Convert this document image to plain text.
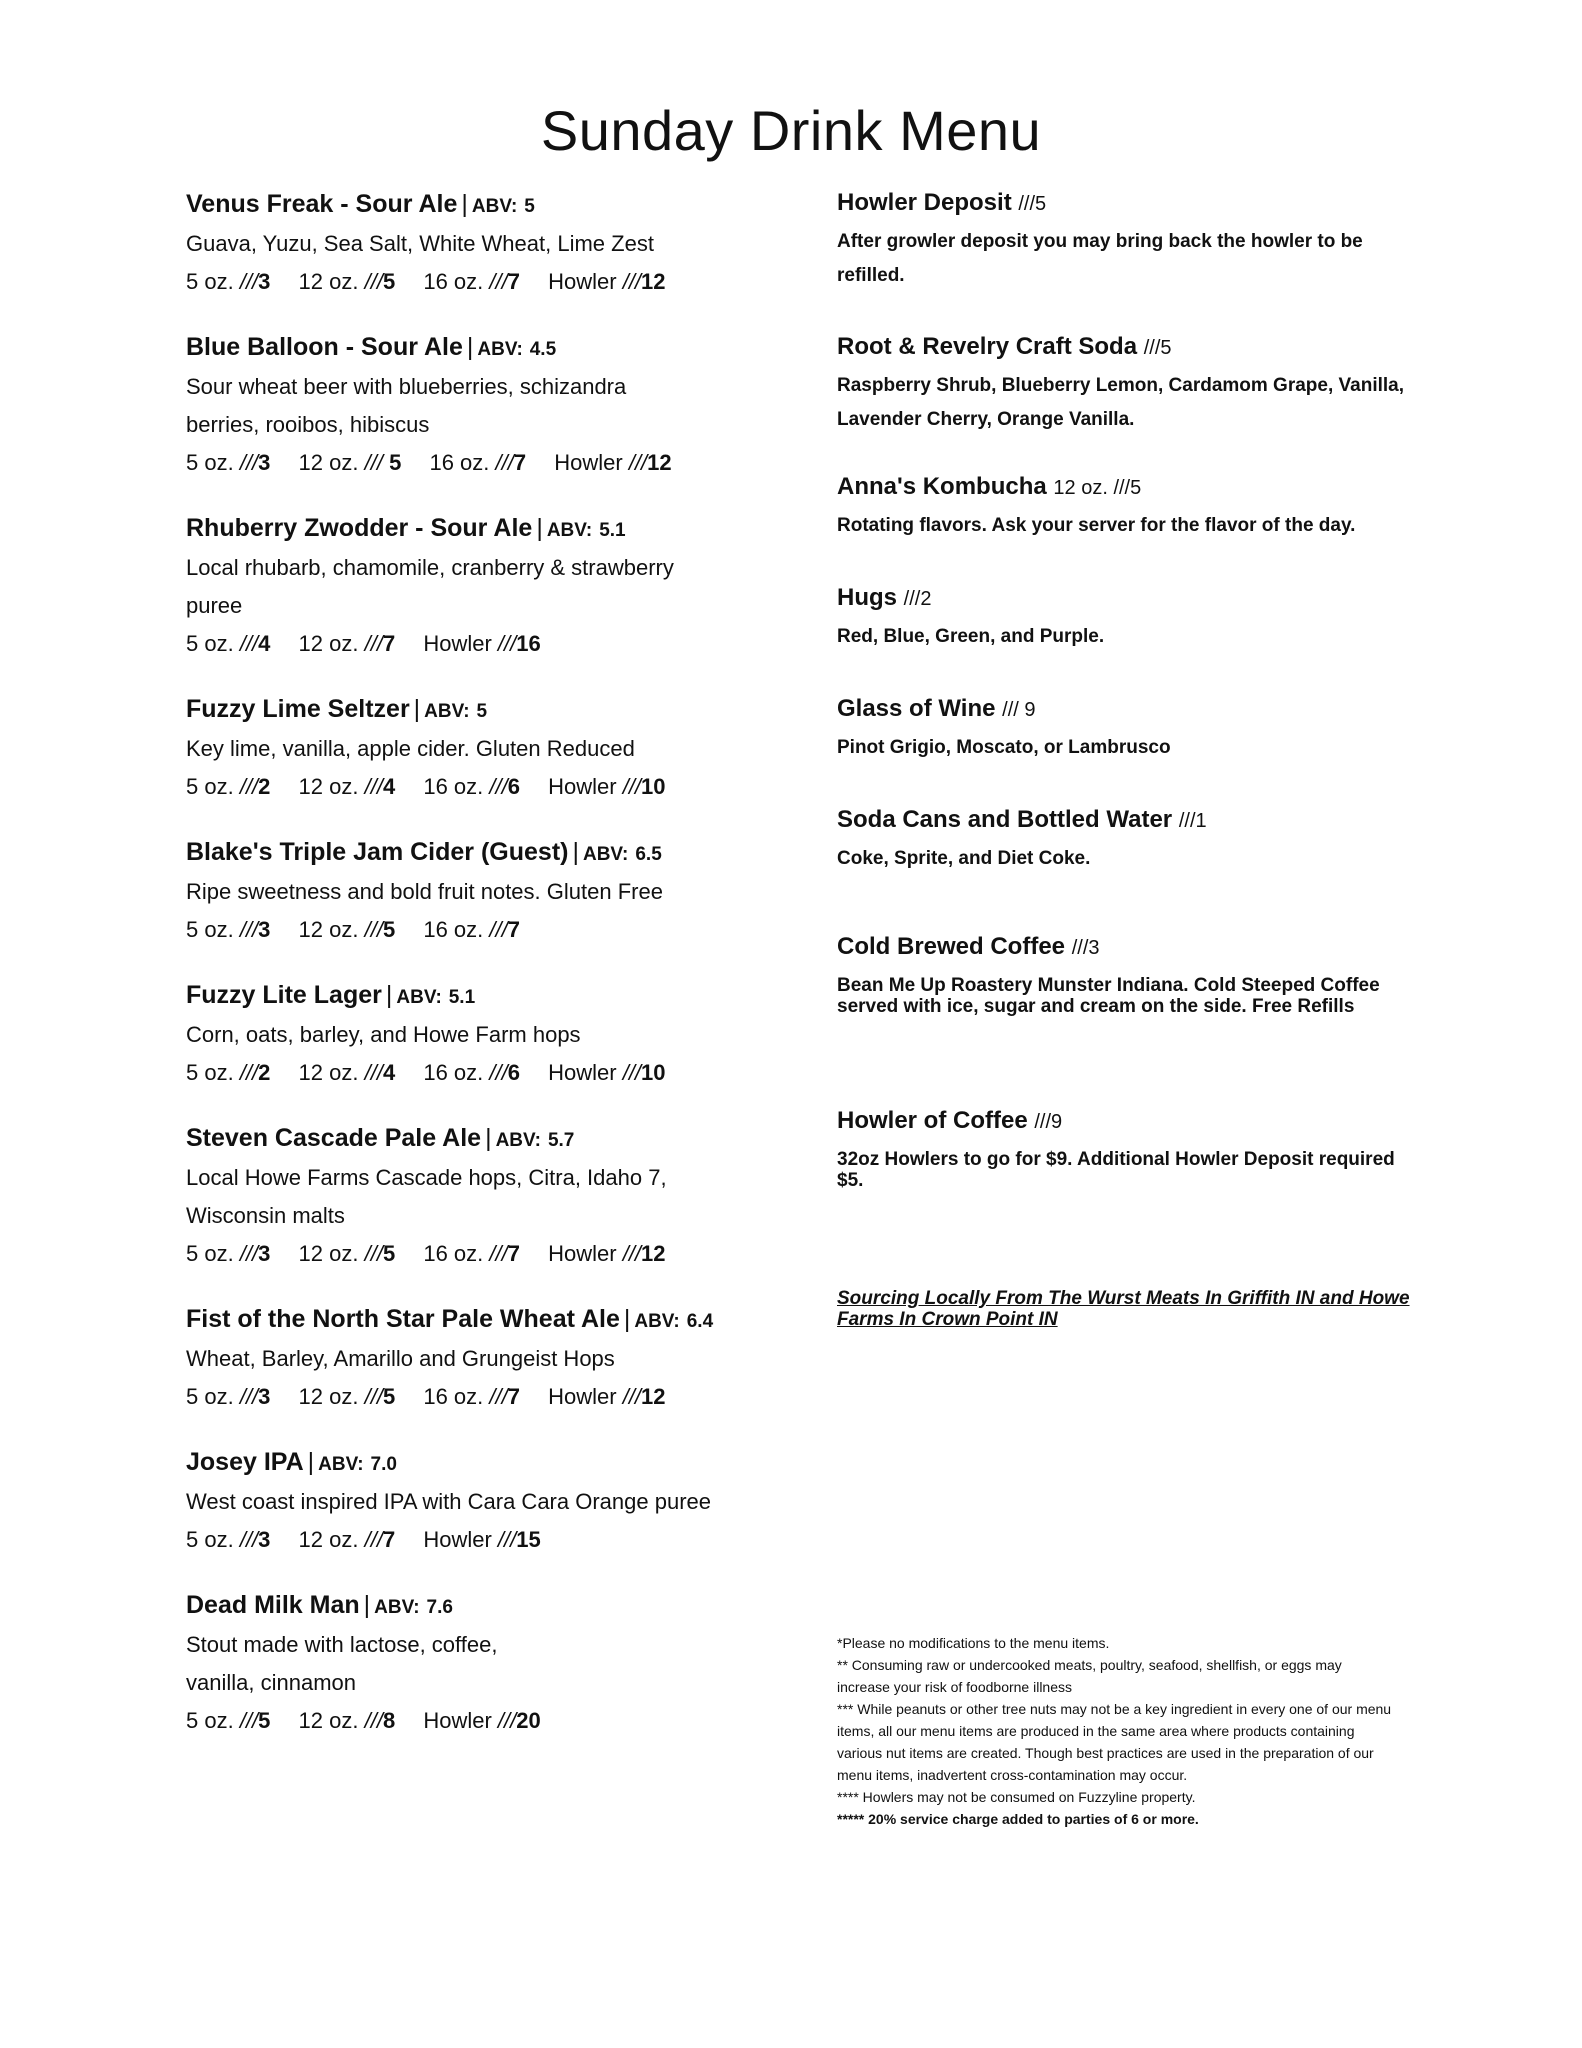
Sunday Drink Menu
Venus Freak - Sour Ale | ABV: 5
Guava, Yuzu, Sea Salt, White Wheat, Lime Zest
5 oz. ///3 12 oz. ///5 16 oz. ///7 Howler ///12
Blue Balloon - Sour Ale | ABV: 4.5
Sour wheat beer with blueberries, schizandra
berries, rooibos, hibiscus
5 oz. ///3 12 oz. /// 5 16 oz. ///7 Howler ///12
Rhuberry Zwodder - Sour Ale | ABV: 5.1
Local rhubarb, chamomile, cranberry & strawberry
puree
5 oz. ///4 12 oz. ///7 Howler ///16
Fuzzy Lime Seltzer | ABV: 5
Key lime, vanilla, apple cider. Gluten Reduced
5 oz. ///2 12 oz. ///4 16 oz. ///6 Howler ///10
Blake's Triple Jam Cider (Guest) | ABV: 6.5
Ripe sweetness and bold fruit notes. Gluten Free
5 oz. ///3 12 oz. ///5 16 oz. ///7
Fuzzy Lite Lager | ABV: 5.1
Corn, oats, barley, and Howe Farm hops
5 oz. ///2 12 oz. ///4 16 oz. ///6 Howler ///10
Steven Cascade Pale Ale | ABV: 5.7
Local Howe Farms Cascade hops, Citra, Idaho 7,
Wisconsin malts
5 oz. ///3 12 oz. ///5 16 oz. ///7 Howler ///12
Fist of the North Star Pale Wheat Ale | ABV: 6.4
Wheat, Barley, Amarillo and Grungeist Hops
5 oz. ///3 12 oz. ///5 16 oz. ///7 Howler ///12
Josey IPA | ABV: 7.0
West coast inspired IPA with Cara Cara Orange puree
5 oz. ///3 12 oz. ///7 Howler ///15
Dead Milk Man | ABV: 7.6
Stout made with lactose, coffee,
vanilla, cinnamon
5 oz. ///5 12 oz. ///8 Howler ///20
Howler Deposit ///5
After growler deposit you may bring back the howler to be refilled.
Root & Revelry Craft Soda ///5
Raspberry Shrub, Blueberry Lemon, Cardamom Grape, Vanilla, Lavender Cherry, Orange Vanilla.
Anna's Kombucha 12 oz. ///5
Rotating flavors. Ask your server for the flavor of the day.
Hugs ///2
Red, Blue, Green, and Purple.
Glass of Wine /// 9
Pinot Grigio, Moscato, or Lambrusco
Soda Cans and Bottled Water ///1
Coke, Sprite, and Diet Coke.
Cold Brewed Coffee ///3
Bean Me Up Roastery Munster Indiana. Cold Steeped Coffee served with ice, sugar and cream on the side. Free Refills
Howler of Coffee ///9
32oz Howlers to go for $9. Additional Howler Deposit required $5.
Sourcing Locally From The Wurst Meats In Griffith IN and Howe Farms In Crown Point IN
*Please no modifications to the menu items.
** Consuming raw or undercooked meats, poultry, seafood, shellfish, or eggs may increase your risk of foodborne illness
*** While peanuts or other tree nuts may not be a key ingredient in every one of our menu items, all our menu items are produced in the same area where products containing various nut items are created. Though best practices are used in the preparation of our menu items, inadvertent cross-contamination may occur.
**** Howlers may not be consumed on Fuzzyline property.
***** 20% service charge added to parties of 6 or more.
